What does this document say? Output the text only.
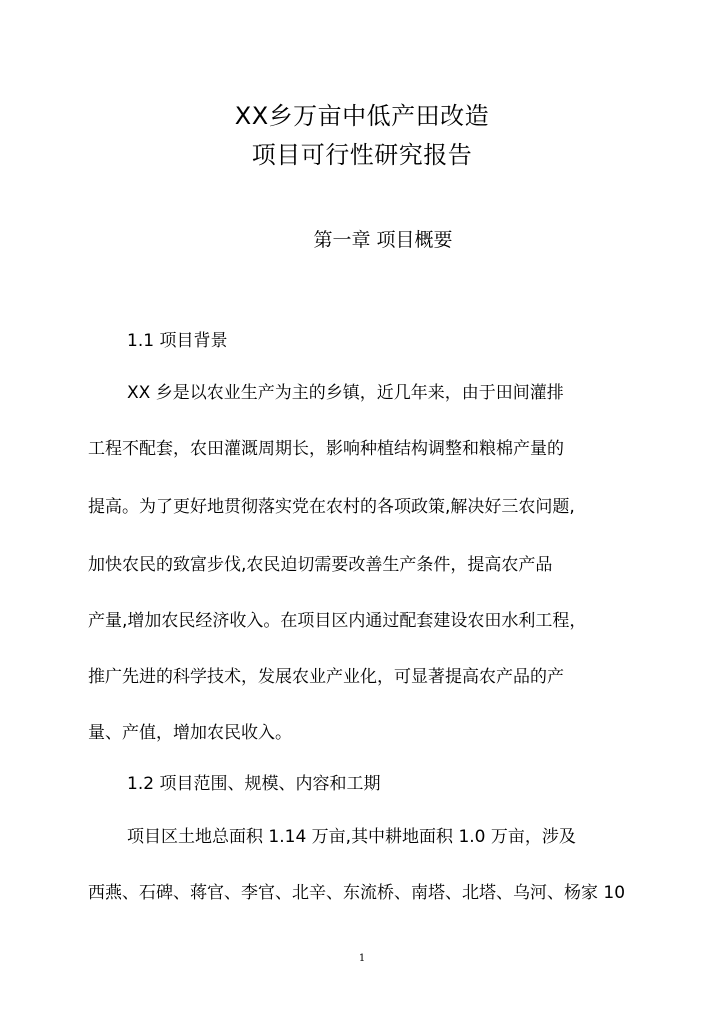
XX乡万亩中低产田改造
项目可行性研究报告
第一章 项目概要
1.1 项目背景
XX 乡是以农业生产为主的乡镇，近几年来，由于田间灌排
工程不配套，农田灌溉周期长，影响种植结构调整和粮棉产量的
提高。为了更好地贯彻落实党在农村的各项政策,解决好三农问题,
加快农民的致富步伐,农民迫切需要改善生产条件，提高农产品
产量,增加农民经济收入。在项目区内通过配套建设农田水利工程，
推广先进的科学技术，发展农业产业化，可显著提高农产品的产
量、产值，增加农民收入。
1.2 项目范围、规模、内容和工期
项目区土地总面积 1.14 万亩,其中耕地面积 1.0 万亩，涉及
西燕、石碑、蒋官、李官、北辛、东流桥、南塔、北塔、乌河、杨家 10
1
